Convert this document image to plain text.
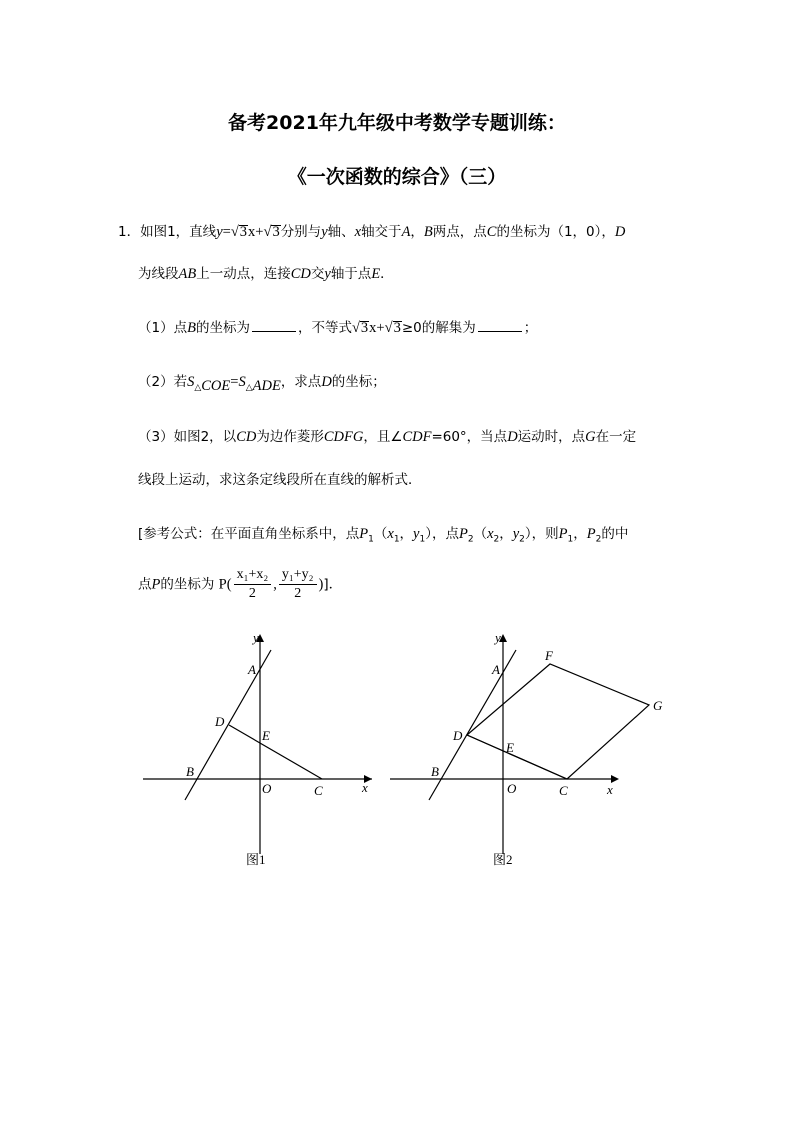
备考2021年九年级中考数学专题训练：
《一次函数的综合》（三）
1．如图1，直线y=√3x+√3分别与y轴、x轴交于A，B两点，点C的坐标为（1，0），D
为线段AB上一动点，连接CD交y轴于点E．
（1）点B的坐标为	，不等式√3x+√3≥0的解集为	；
（2）若$S_{\triangle COE}=S_{\triangle ADE}$，求点D的坐标；
（3）如图2，以CD为边作菱形CDFG，且∠CDF=60°，当点D运动时，点G在一定
线段上运动，求这条定线段所在直线的解析式．
[参考公式：在平面直角坐标系中，点$P_1(x_1$，$y_1$），点$P_2(x_2$，$y_2$），则$P_1$，$P_2$的中
点P的坐标为 $P( \frac{\text{x₁+x₂}}{2}$ , $\frac{\text{y₁+y₂}}{2}$ )]．
y
x
A
B
C
D
E
O
图1
y
x
A
B
C
D
E
O
F
G
图2
